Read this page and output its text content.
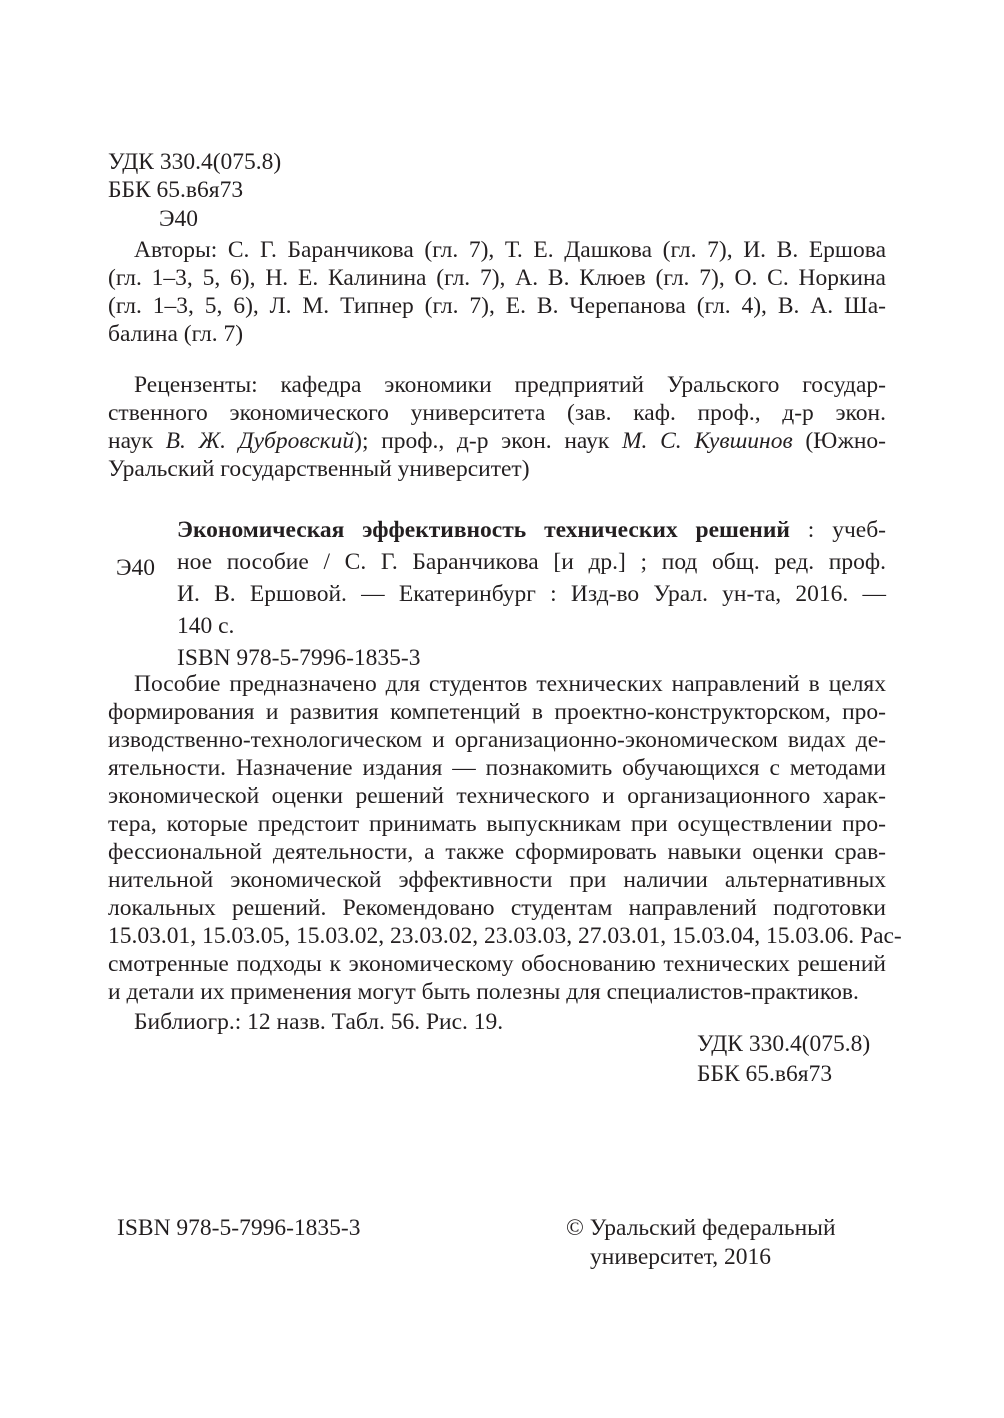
УДК 330.4(075.8)
ББК 65.в6я73
Э40
Авторы: С. Г. Баранчикова (гл. 7), Т. Е. Дашкова (гл. 7), И. В. Ершова
(гл. 1–3, 5, 6), Н. Е. Калинина (гл. 7), А. В. Клюев (гл. 7), О. С. Норкина
(гл. 1–3, 5, 6), Л. М. Типнер (гл. 7), Е. В. Черепанова (гл. 4), В. А. Ша-
балина (гл. 7)
Рецензенты: кафедра экономики предприятий Уральского государ-
ственного экономического университета (зав. каф. проф., д-р экон.
наук В. Ж. Дубровский); проф., д-р экон. наук М. С. Кувшинов (Южно-
Уральский государственный университет)
Э40
Экономическая эффективность технических решений : учеб-
ное пособие / С. Г. Баранчикова [и др.] ; под общ. ред. проф.
И. В. Ершовой. — Екатеринбург : Изд-во Урал. ун-та, 2016. —
140 с.
ISBN 978-5-7996-1835-3
Пособие предназначено для студентов технических направлений в целях
формирования и развития компетенций в проектно-конструкторском, про-
изводственно-технологическом и организационно-экономическом видах де-
ятельности. Назначение издания — познакомить обучающихся с методами
экономической оценки решений технического и организационного харак-
тера, которые предстоит принимать выпускникам при осуществлении про-
фессиональной деятельности, а также сформировать навыки оценки срав-
нительной экономической эффективности при наличии альтернативных
локальных решений. Рекомендовано студентам направлений подготовки
15.03.01, 15.03.05, 15.03.02, 23.03.02, 23.03.03, 27.03.01, 15.03.04, 15.03.06. Рас-
смотренные подходы к экономическому обоснованию технических решений
и детали их применения могут быть полезны для специалистов-практиков.
Библиогр.: 12 назв. Табл. 56. Рис. 19.
УДК 330.4(075.8)
ББК 65.в6я73
ISBN 978-5-7996-1835-3	© Уральский федеральный
университет, 2016
